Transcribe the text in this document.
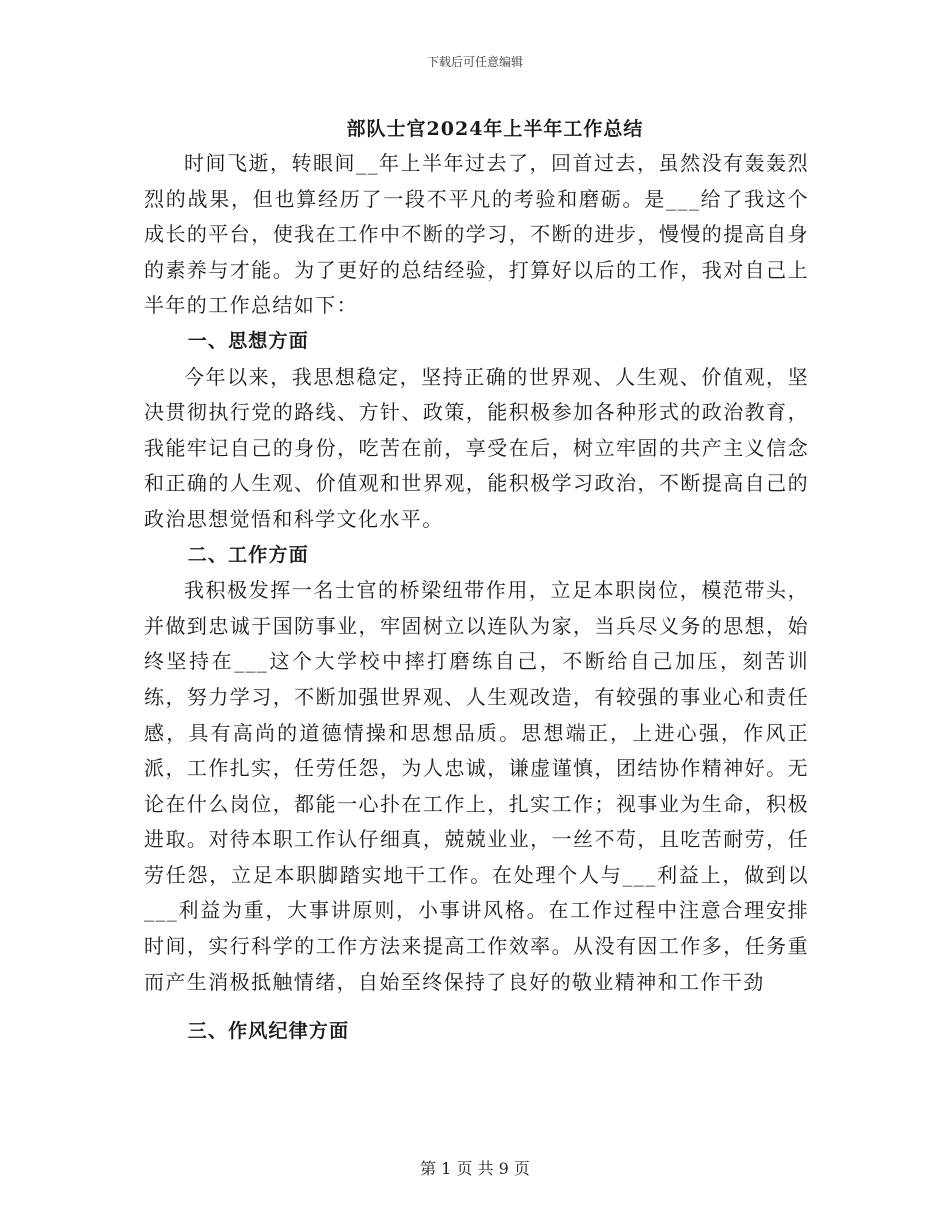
下载后可任意编辑
部队士官2024年上半年工作总结

时间飞逝，转眼间__年上半年过去了，回首过去，虽然没有轰轰烈烈的战果，但也算经历了一段不平凡的考验和磨砺。是___给了我这个成长的平台，使我在工作中不断的学习，不断的进步，慢慢的提高自身的素养与才能。为了更好的总结经验，打算好以后的工作，我对自己上半年的工作总结如下：

一、思想方面

今年以来，我思想稳定，坚持正确的世界观、人生观、价值观，坚决贯彻执行党的路线、方针、政策，能积极参加各种形式的政治教育，我能牢记自己的身份，吃苦在前，享受在后，树立牢固的共产主义信念和正确的人生观、价值观和世界观，能积极学习政治，不断提高自己的政治思想觉悟和科学文化水平。

二、工作方面

我积极发挥一名士官的桥梁纽带作用，立足本职岗位，模范带头，并做到忠诚于国防事业，牢固树立以连队为家，当兵尽义务的思想，始终坚持在___这个大学校中摔打磨练自己，不断给自己加压，刻苦训练，努力学习，不断加强世界观、人生观改造，有较强的事业心和责任感，具有高尚的道德情操和思想品质。思想端正，上进心强，作风正派，工作扎实，任劳任怨，为人忠诚，谦虚谨慎，团结协作精神好。无论在什么岗位，都能一心扑在工作上，扎实工作；视事业为生命，积极进取。对待本职工作认仔细真，兢兢业业，一丝不苟，且吃苦耐劳，任劳任怨，立足本职脚踏实地干工作。在处理个人与___利益上，做到以___利益为重，大事讲原则，小事讲风格。在工作过程中注意合理安排时间，实行科学的工作方法来提高工作效率。从没有因工作多，任务重而产生消极抵触情绪，自始至终保持了良好的敬业精神和工作干劲

三、作风纪律方面

第 1 页 共 9 页
